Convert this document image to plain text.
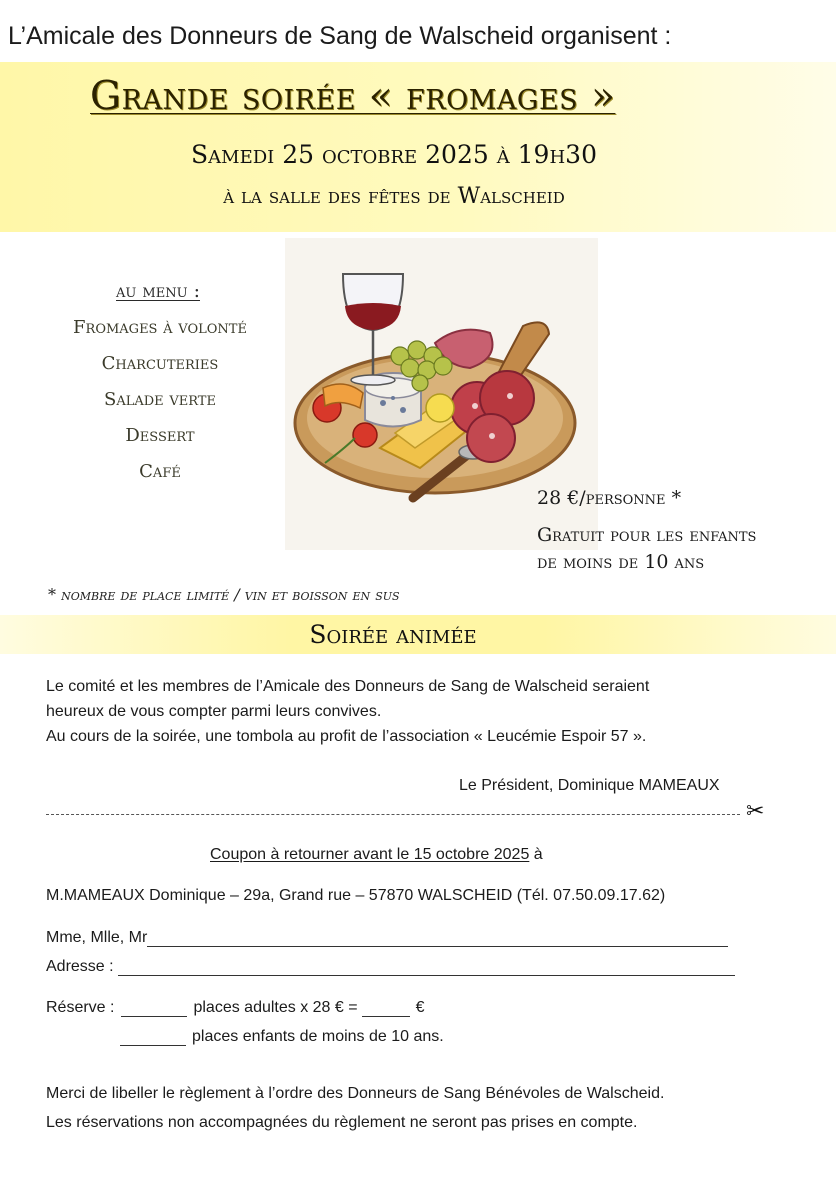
L’Amicale des Donneurs de Sang de Walscheid organisent :
Grande soirée « fromages »
Samedi 25 octobre 2025 à 19h30
à la salle des fêtes de Walscheid
au menu :
Fromages à volonté
Charcuteries
Salade verte
Dessert
Café
28 €/personne *
Gratuit pour les enfants
de moins de 10 ans
* nombre de place limité / vin et boisson en sus
Soirée animée
Le comité et les membres de l’Amicale des Donneurs de Sang de Walscheid seraient
heureux de vous compter parmi leurs convives.
Au cours de la soirée, une tombola au profit de l’association « Leucémie Espoir 57 ».
Le Président, Dominique MAMEAUX
✂
Coupon à retourner avant le 15 octobre 2025 à
M.MAMEAUX Dominique – 29a, Grand rue – 57870 WALSCHEID (Tél. 07.50.09.17.62)
Mme, Mlle, Mr
Adresse :
Réserve :	places adultes x 28 € =	€
places enfants de moins de 10 ans.
Merci de libeller le règlement à l’ordre des Donneurs de Sang Bénévoles de Walscheid.
Les réservations non accompagnées du règlement ne seront pas prises en compte.
